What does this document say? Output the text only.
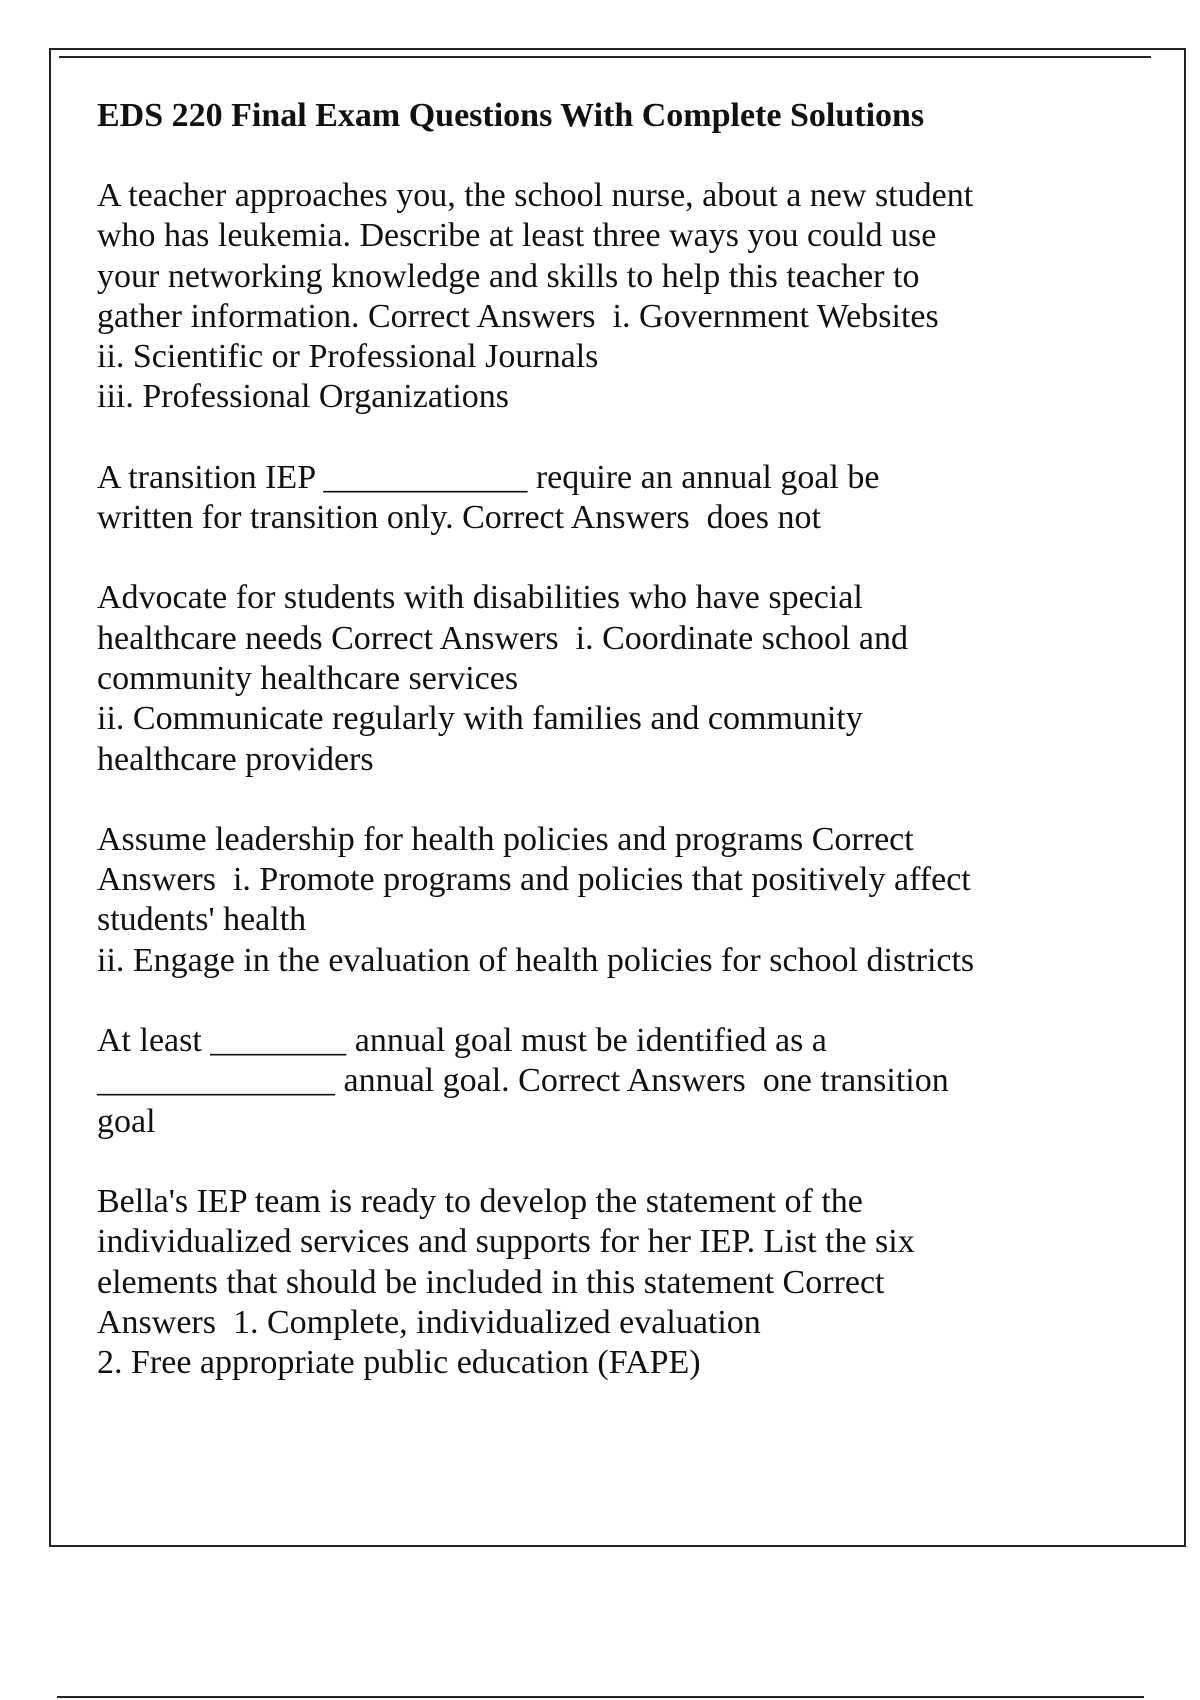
EDS 220 Final Exam Questions With Complete Solutions
A teacher approaches you, the school nurse, about a new student
who has leukemia. Describe at least three ways you could use
your networking knowledge and skills to help this teacher to
gather information. Correct Answers  i. Government Websites
ii. Scientific or Professional Journals
iii. Professional Organizations
A transition IEP ____________ require an annual goal be
written for transition only. Correct Answers  does not
Advocate for students with disabilities who have special
healthcare needs Correct Answers  i. Coordinate school and
community healthcare services
ii. Communicate regularly with families and community
healthcare providers
Assume leadership for health policies and programs Correct
Answers  i. Promote programs and policies that positively affect
students' health
ii. Engage in the evaluation of health policies for school districts
At least ________ annual goal must be identified as a
______________ annual goal. Correct Answers  one transition
goal
Bella's IEP team is ready to develop the statement of the
individualized services and supports for her IEP. List the six
elements that should be included in this statement Correct
Answers  1. Complete, individualized evaluation
2. Free appropriate public education (FAPE)
